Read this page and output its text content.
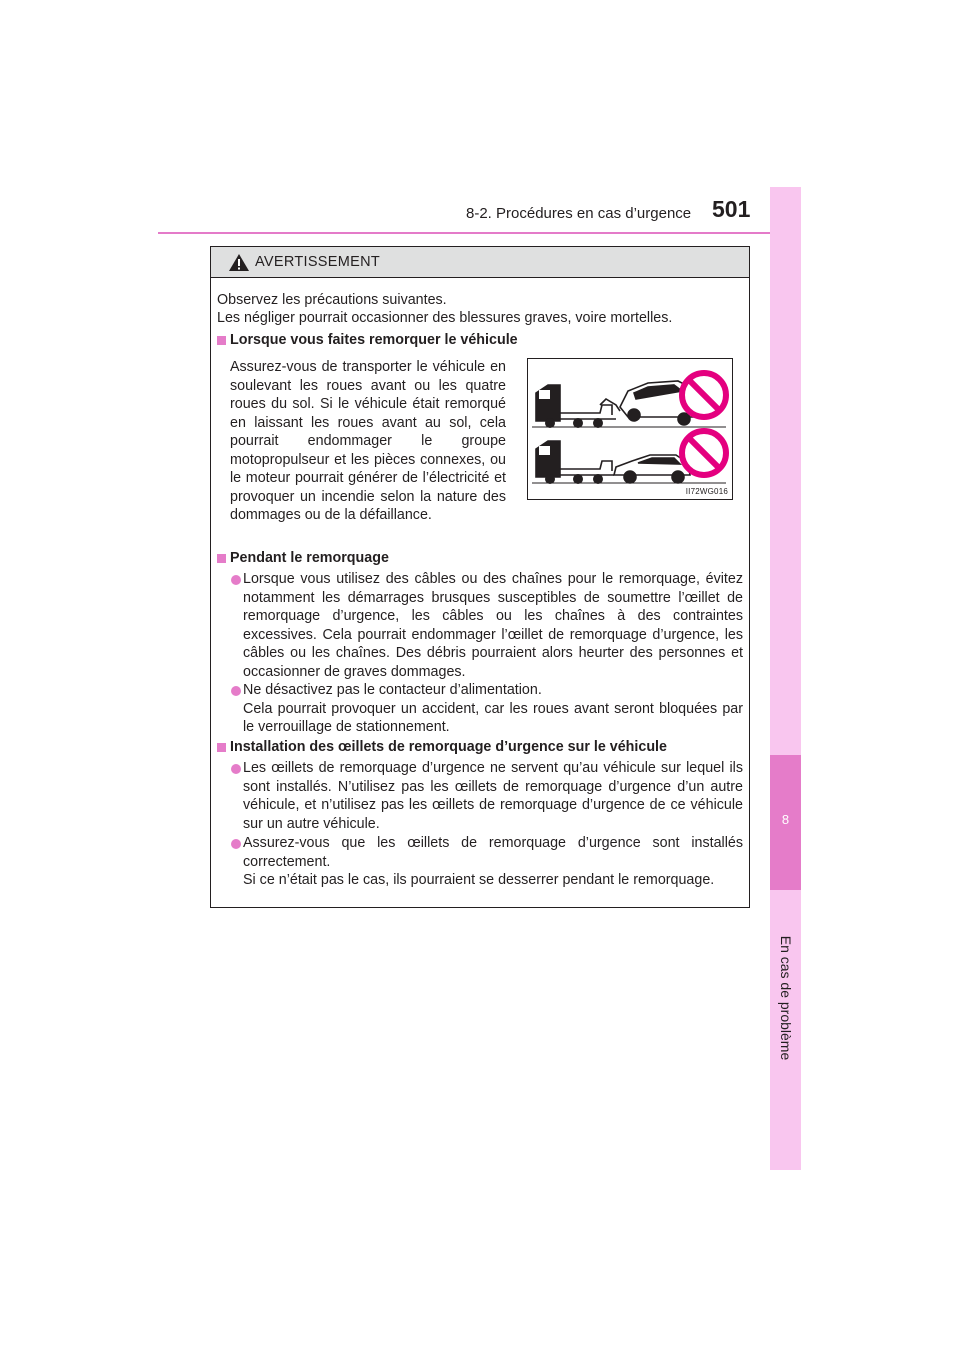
8-2. Procédures en cas d’urgence 501
8
En cas de problème
AVERTISSEMENT
Observez les précautions suivantes.
Les négliger pourrait occasionner des blessures graves, voire mortelles.
Lorsque vous faites remorquer le véhicule
Assurez-vous de transporter le véhicule en soulevant les roues avant ou les quatre roues du sol. Si le véhicule était remorqué en laissant les roues avant au sol, cela pourrait endommager le groupe motopropulseur et les pièces connexes, ou le moteur pourrait générer de l’électricité et provoquer un incendie selon la nature des dommages ou de la défaillance.
Pendant le remorquage
Lorsque vous utilisez des câbles ou des chaînes pour le remorquage, évitez notamment les démarrages brusques susceptibles de soumettre l’œillet de remorquage d’urgence, les câbles ou les chaînes à des contraintes excessives. Cela pourrait endommager l’œillet de remorquage d’urgence, les câbles ou les chaînes. Des débris pourraient alors heurter des personnes et occasionner de graves dommages.
Ne désactivez pas le contacteur d’alimentation.
Cela pourrait provoquer un accident, car les roues avant seront bloquées par le verrouillage de stationnement.
Installation des œillets de remorquage d’urgence sur le véhicule
Les œillets de remorquage d’urgence ne servent qu’au véhicule sur lequel ils sont installés. N’utilisez pas les œillets de remorquage d’urgence d’un autre véhicule, et n’utilisez pas les œillets de remorquage d’urgence de ce véhicule sur un autre véhicule.
Assurez-vous que les œillets de remorquage d’urgence sont installés correctement.
Si ce n’était pas le cas, ils pourraient se desserrer pendant le remorquage.
II72WG016
